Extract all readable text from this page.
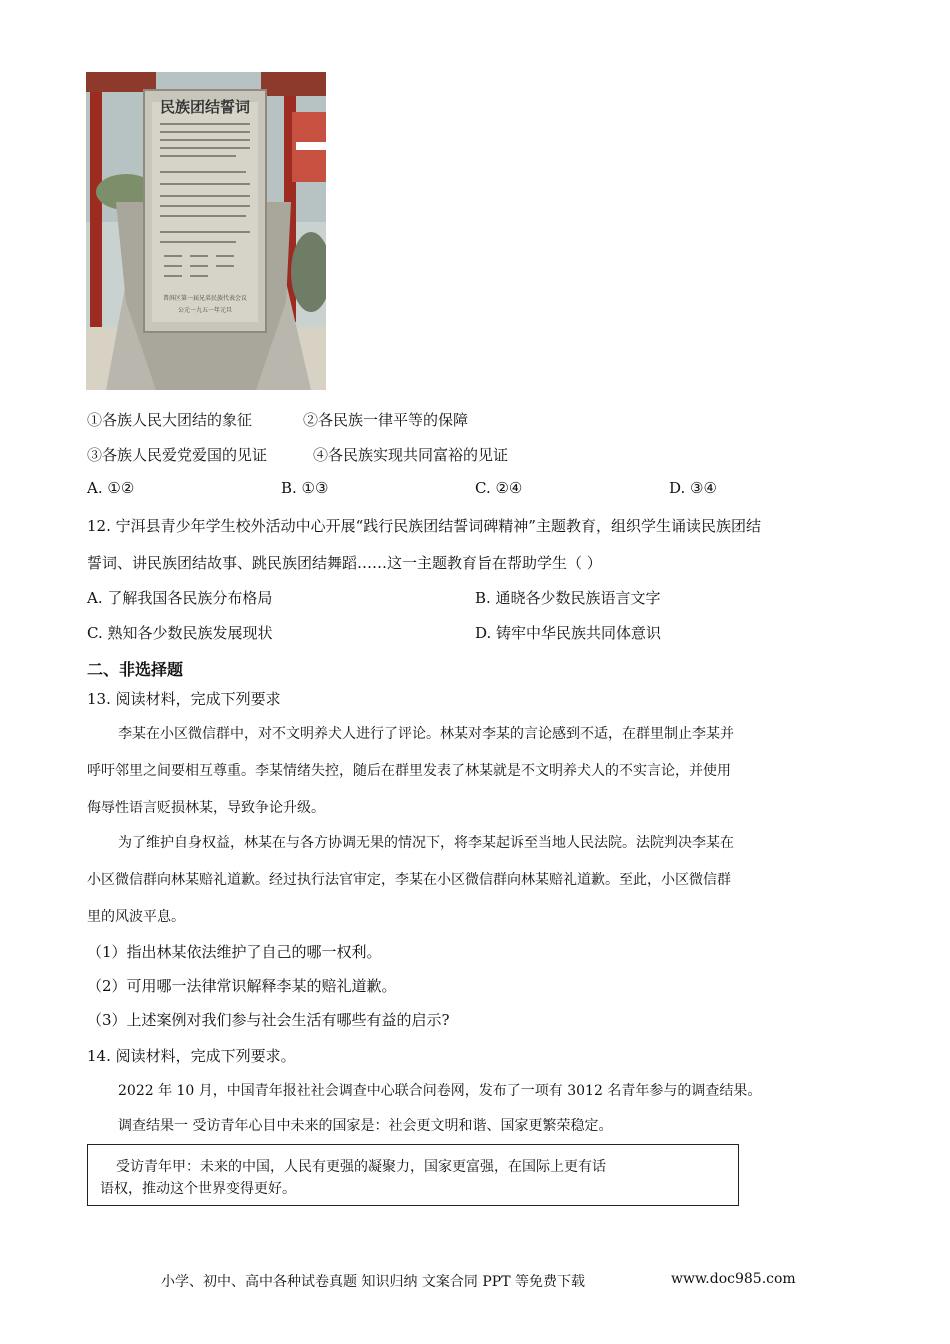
民族团结誓词
普洱区第一届兄弟民族代表会议
公元一九五一年元旦
①各族人民大团结的象征	②各民族一律平等的保障
③各族人民爱党爱国的见证	④各民族实现共同富裕的见证
A. ①②	B. ①③	C. ②④	D. ③④
12. 宁洱县青少年学生校外活动中心开展“践行民族团结誓词碑精神”主题教育，组织学生诵读民族团结
誓词、讲民族团结故事、跳民族团结舞蹈……这一主题教育旨在帮助学生（ ）
A. 了解我国各民族分布格局	B. 通晓各少数民族语言文字
C. 熟知各少数民族发展现状	D. 铸牢中华民族共同体意识
二、非选择题
13. 阅读材料，完成下列要求
李某在小区微信群中，对不文明养犬人进行了评论。林某对李某的言论感到不适，在群里制止李某并
呼吁邻里之间要相互尊重。李某情绪失控，随后在群里发表了林某就是不文明养犬人的不实言论，并使用
侮辱性语言贬损林某，导致争论升级。
为了维护自身权益，林某在与各方协调无果的情况下，将李某起诉至当地人民法院。法院判决李某在
小区微信群向林某赔礼道歉。经过执行法官审定，李某在小区微信群向林某赔礼道歉。至此，小区微信群
里的风波平息。
（1）指出林某依法维护了自己的哪一权利。
（2）可用哪一法律常识解释李某的赔礼道歉。
（3）上述案例对我们参与社会生活有哪些有益的启示?
14. 阅读材料，完成下列要求。
2022 年 10 月，中国青年报社社会调查中心联合问卷网，发布了一项有 3012 名青年参与的调查结果。
调查结果一 受访青年心目中未来的国家是：社会更文明和谐、国家更繁荣稳定。

受访青年甲：未来的中国，人民有更强的凝聚力，国家更富强，在国际上更有话

语权，推动这个世界变得更好。

小学、初中、高中各种试卷真题 知识归纳 文案合同 PPT 等免费下载	www.doc985.com
